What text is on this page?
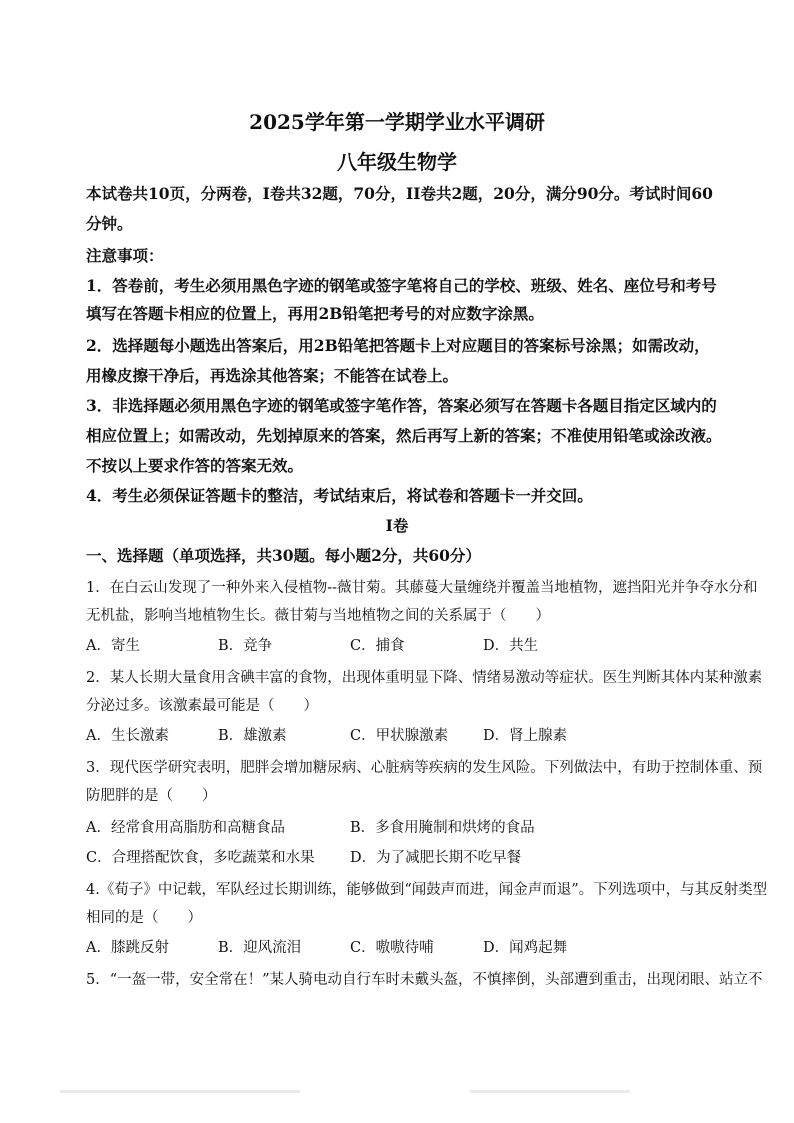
2025学年第一学期学业水平调研
八年级生物学
本试卷共10页，分两卷，I卷共32题，70分，II卷共2题，20分，满分90分。考试时间60
分钟。
注意事项：
1．答卷前，考生必须用黑色字迹的钢笔或签字笔将自己的学校、班级、姓名、座位号和考号
填写在答题卡相应的位置上，再用2B铅笔把考号的对应数字涂黑。
2．选择题每小题选出答案后，用2B铅笔把答题卡上对应题目的答案标号涂黑；如需改动，
用橡皮擦干净后，再选涂其他答案；不能答在试卷上。
3．非选择题必须用黑色字迹的钢笔或签字笔作答，答案必须写在答题卡各题目指定区域内的
相应位置上；如需改动，先划掉原来的答案，然后再写上新的答案；不准使用铅笔或涂改液。
不按以上要求作答的答案无效。
4．考生必须保证答题卡的整洁，考试结束后，将试卷和答题卡一并交回。
I卷
一、选择题（单项选择，共30题。每小题2分，共60分）
1．在白云山发现了一种外来入侵植物--薇甘菊。其藤蔓大量缠绕并覆盖当地植物，遮挡阳光并争夺水分和
无机盐，影响当地植物生长。薇甘菊与当地植物之间的关系属于（　　）
A．寄生	B．竞争	C．捕食	D．共生
2．某人长期大量食用含碘丰富的食物，出现体重明显下降、情绪易激动等症状。医生判断其体内某种激素
分泌过多。该激素最可能是（　　）
A．生长激素	B．雄激素	C．甲状腺激素 D．肾上腺素
3．现代医学研究表明，肥胖会增加糖尿病、心脏病等疾病的发生风险。下列做法中，有助于控制体重、预
防肥胖的是（　　）
A．经常食用高脂肪和高糖食品	B．多食用腌制和烘烤的食品
C．合理搭配饮食，多吃蔬菜和水果 D．为了减肥长期不吃早餐
4.《荀子》中记载，军队经过长期训练，能够做到“闻鼓声而进，闻金声而退”。下列选项中，与其反射类型
相同的是（　　）
A．膝跳反射	B．迎风流泪	C．嗷嗷待哺	D．闻鸡起舞
5．“一盔一带，安全常在！”某人骑电动自行车时未戴头盔，不慎摔倒，头部遭到重击，出现闭眼、站立不
